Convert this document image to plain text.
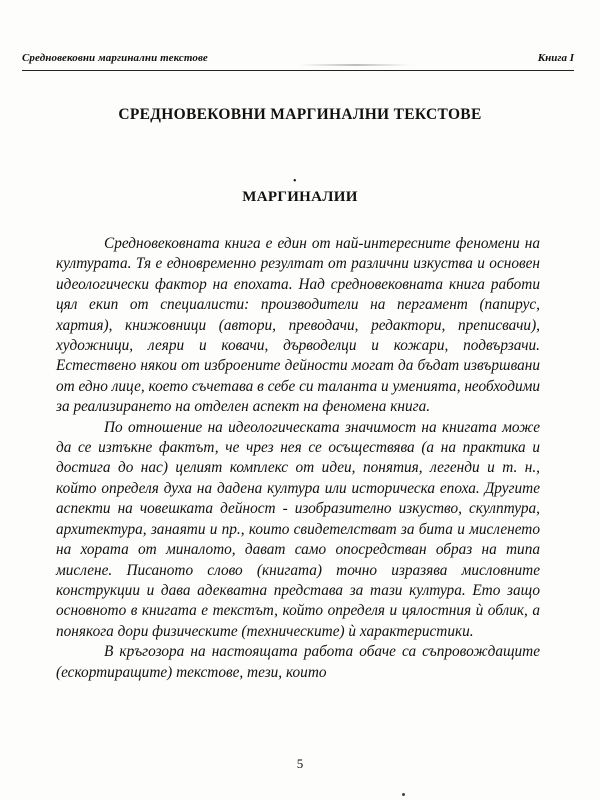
Средновековни маргинални текстове	Книга I
СРЕДНОВЕКОВНИ МАРГИНАЛНИ ТЕКСТОВЕ
•
МАРГИНАЛИИ

Средновековната книга е един от най-интересните феномени на културата. Тя е едновременно резултат от различни изкуства и основен идеологически фактор на епохата. Над средновековната книга работи цял екип от специалисти: производители на пергамент (папирус, хартия), книжовници (автори, преводачи, редактори, преписвачи), художници, леяри и ковачи, дърводелци и кожари, подвързачи. Естествено някои от изброените дейности могат да бъдат извършвани от едно лице, което съчетава в себе си таланта и уменията, необходими за реализирането на отделен аспект на феномена книга.

По отношение на идеологическата значимост на книгата може да се изтъкне фактът, че чрез нея се осъществява (а на практика и достига до нас) целият комплекс от идеи, понятия, легенди и т. н., който определя духа на дадена култура или историческа епоха. Другите аспекти на човешката дейност - изобразително изкуство, скулптура, архитектура, занаяти и пр., които свидетелстват за бита и мисленето на хората от миналото, дават само опосредстван образ на типа мислене. Писаното слово (книгата) точно изразява мисловните конструкции и дава адекватна представа за тази култура. Ето защо основното в книгата е текстът, който определя и цялостния ѝ облик, а понякога дори физическите (техническите) ѝ характеристики.

В кръгозора на настоящата работа обаче са съпровождащите (ескортиращите) текстове, тези, които

5
